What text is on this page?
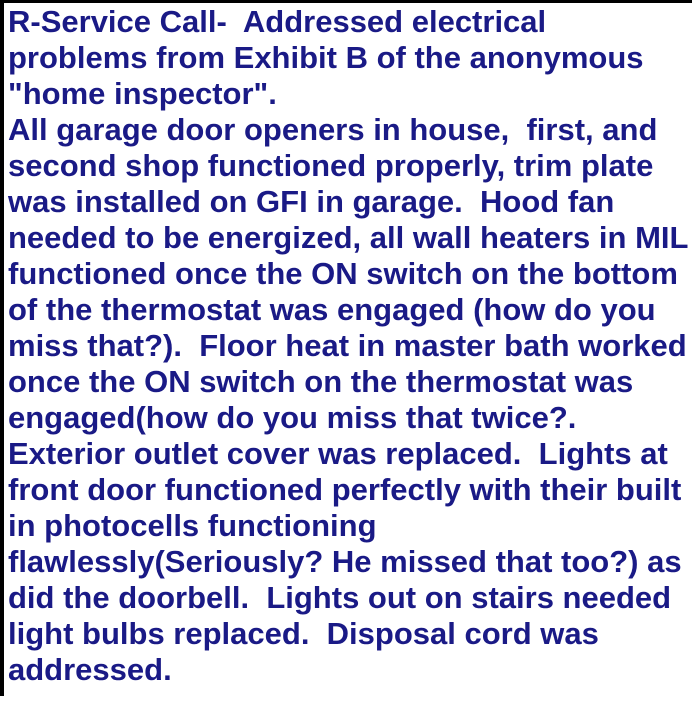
R-Service Call-  Addressed electrical
problems from Exhibit B of the anonymous
"home inspector".
All garage door openers in house,  first, and
second shop functioned properly, trim plate
was installed on GFI in garage.  Hood fan
needed to be energized, all wall heaters in MIL
functioned once the ON switch on the bottom
of the thermostat was engaged (how do you
miss that?).  Floor heat in master bath worked
once the ON switch on the thermostat was
engaged(how do you miss that twice?.
Exterior outlet cover was replaced.  Lights at
front door functioned perfectly with their built
in photocells functioning
flawlessly(Seriously? He missed that too?) as
did the doorbell.  Lights out on stairs needed
light bulbs replaced.  Disposal cord was
addressed.
